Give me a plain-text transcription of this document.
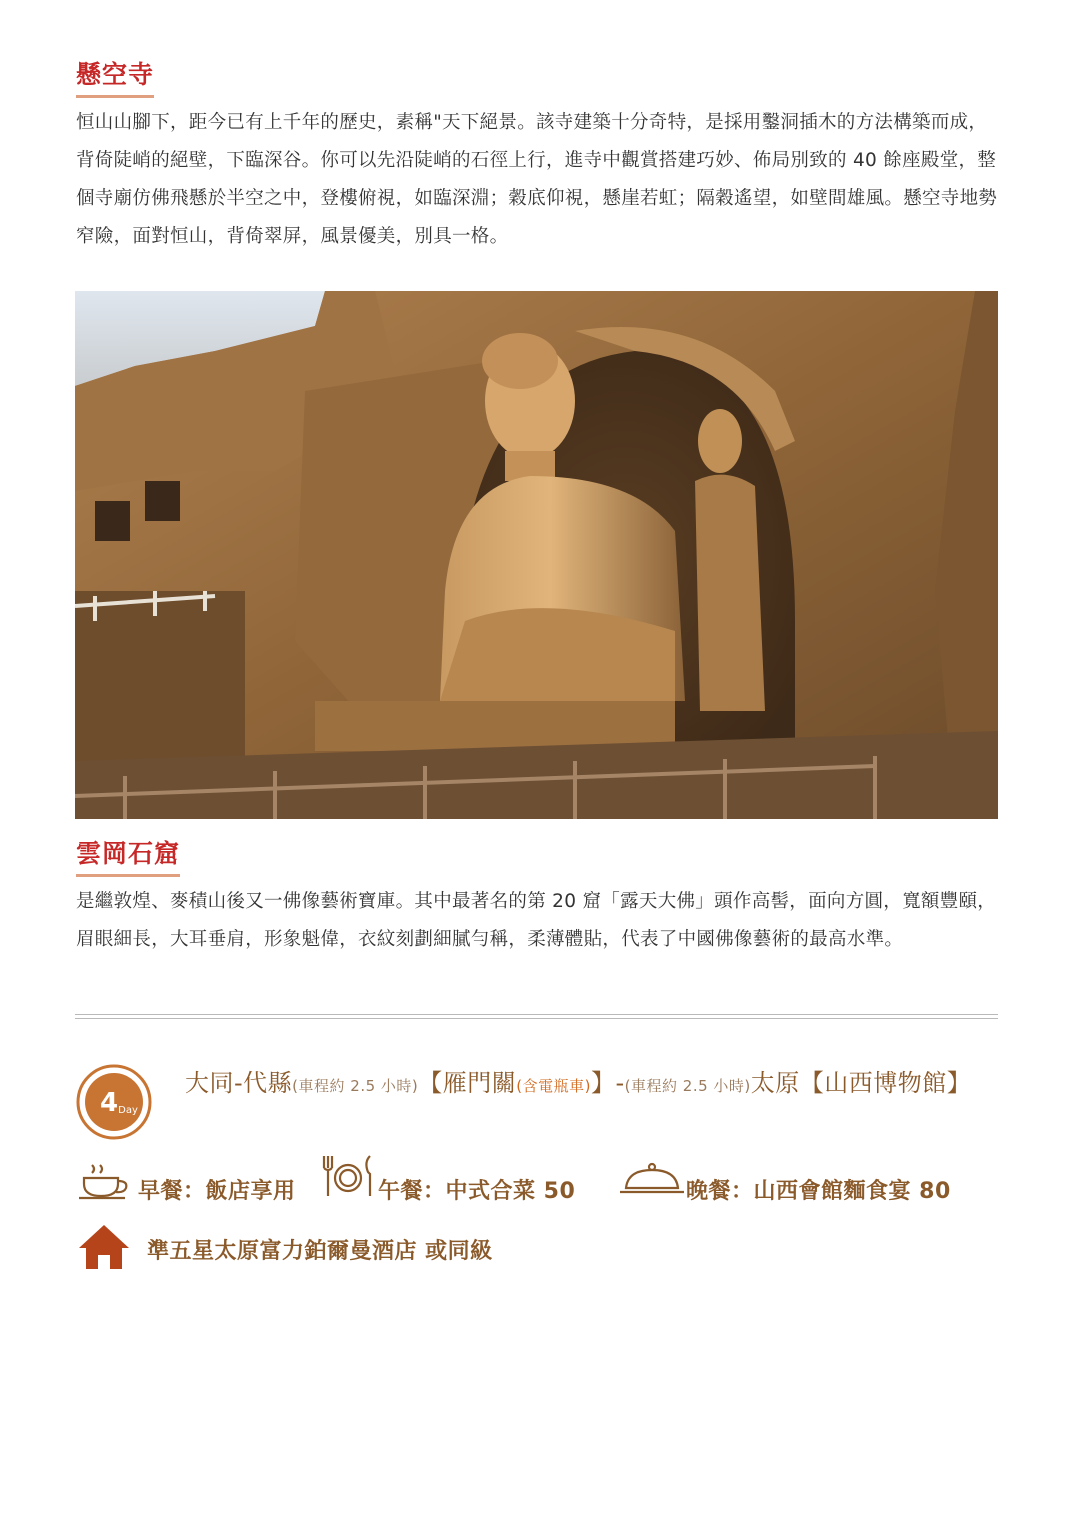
懸空寺

恒山山腳下，距今已有上千年的歷史，素稱"天下絕景。該寺建築十分奇特，是採用鑿洞插木的方法構築而成，背倚陡峭的絕壁，下臨深谷。你可以先沿陡峭的石徑上行，進寺中觀賞搭建巧妙、佈局別致的 40 餘座殿堂，整個寺廟仿佛飛懸於半空之中，登樓俯視，如臨深淵；穀底仰視，懸崖若虹；隔穀遙望，如壁間雄風。懸空寺地勢窄險，面對恒山，背倚翠屏，風景優美，別具一格。

雲岡石窟

是繼敦煌、麥積山後又一佛像藝術寶庫。其中最著名的第 20 窟「露天大佛」頭作高髻，面向方圓，寬額豐頤，眉眼細長，大耳垂肩，形象魁偉，衣紋刻劃細膩勻稱，柔薄體貼，代表了中國佛像藝術的最高水準。

4 Day
大同-代縣(車程約 2.5 小時)【雁門關(含電瓶車)】-(車程約 2.5 小時)太原【山西博物館】
早餐：飯店享用	午餐：中式合菜 50	晚餐：山西會館麵食宴 80
準五星太原富力鉑爾曼酒店 或同級
